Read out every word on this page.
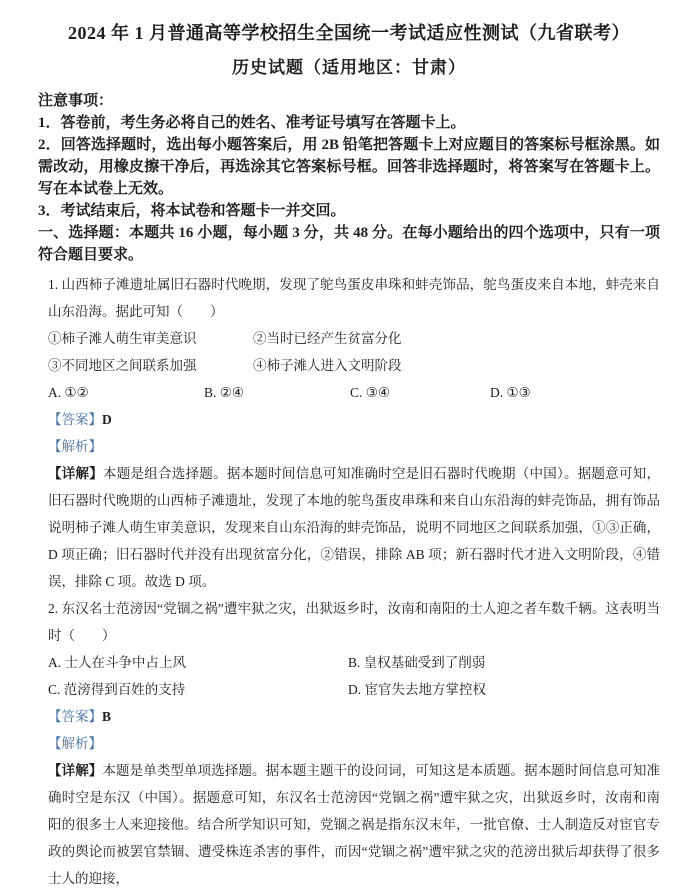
2024 年 1 月普通高等学校招生全国统一考试适应性测试（九省联考）
历史试题（适用地区：甘肃）

注意事项：

1．答卷前，考生务必将自己的姓名、准考证号填写在答题卡上。

2．回答选择题时，选出每小题答案后，用 2B 铅笔把答题卡上对应题目的答案标号框涂黑。如需改动，用橡皮擦干净后，再选涂其它答案标号框。回答非选择题时，将答案写在答题卡上。写在本试卷上无效。

3．考试结束后，将本试卷和答题卡一并交回。

一、选择题：本题共 16 小题，每小题 3 分，共 48 分。在每小题给出的四个选项中，只有一项符合题目要求。

1. 山西柿子滩遗址属旧石器时代晚期，发现了鸵鸟蛋皮串珠和蚌壳饰品，鸵鸟蛋皮来自本地，蚌壳来自山东沿海。据此可知（　　）

①柿子滩人萌生审美意识	②当时已经产生贫富分化

③不同地区之间联系加强	④柿子滩人进入文明阶段

A. ①②	B. ②④	C. ③④	D. ①③

【答案】D

【解析】

【详解】本题是组合选择题。据本题时间信息可知准确时空是旧石器时代晚期（中国）。据题意可知，旧石器时代晚期的山西柿子滩遗址，发现了本地的鸵鸟蛋皮串珠和来自山东沿海的蚌壳饰品，拥有饰品说明柿子滩人萌生审美意识，发现来自山东沿海的蚌壳饰品，说明不同地区之间联系加强，①③正确，D 项正确；旧石器时代并没有出现贫富分化，②错误，排除 AB 项；新石器时代才进入文明阶段，④错误，排除 C 项。故选 D 项。

2. 东汉名士范滂因“党锢之祸”遭牢狱之灾，出狱返乡时，汝南和南阳的士人迎之者车数千辆。这表明当时（　　）

A. 士人在斗争中占上风	B. 皇权基础受到了削弱

C. 范滂得到百姓的支持	D. 宦官失去地方掌控权

【答案】B

【解析】

【详解】本题是单类型单项选择题。据本题主题干的设问词，可知这是本质题。据本题时间信息可知准确时空是东汉（中国）。据题意可知，东汉名士范滂因“党锢之祸”遭牢狱之灾，出狱返乡时，汝南和南阳的很多士人来迎接他。结合所学知识可知，党锢之祸是指东汉末年，一批官僚、士人制造反对宦官专政的舆论而被罢官禁锢、遭受株连杀害的事件，而因“党锢之祸”遭牢狱之灾的范滂出狱后却获得了很多士人的迎接，
